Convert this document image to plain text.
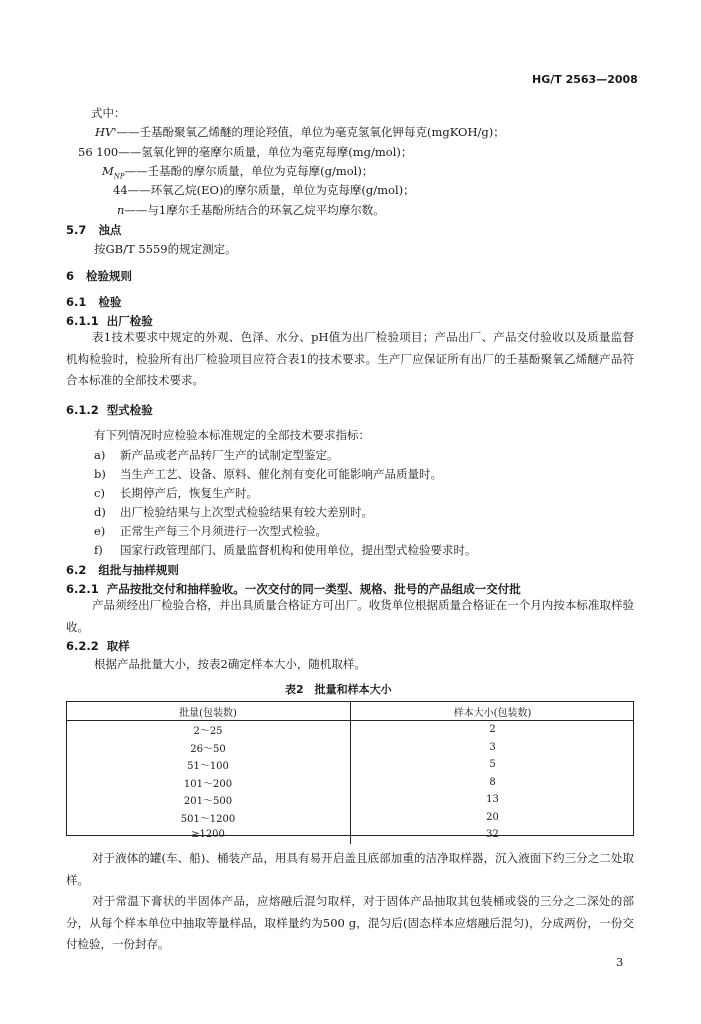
HG/T 2563—2008
式中：
HV'——壬基酚聚氧乙烯醚的理论羟值，单位为毫克氢氧化钾每克(mgKOH/g)；
56 100——氢氧化钾的毫摩尔质量，单位为毫克每摩(mg/mol)；
$M_{NP}——$壬基酚的摩尔质量，单位为克每摩(g/mol)；
44——环氧乙烷(EO)的摩尔质量，单位为克每摩(g/mol)；
n——与1摩尔壬基酚所结合的环氧乙烷平均摩尔数。
5.7 浊点
按GB/T 5559的规定测定。
6 检验规则
6.1 检验
6.1.1 出厂检验
表1技术要求中规定的外观、色泽、水分、pH值为出厂检验项目；产品出厂、产品交付验收以及质量监督机构检验时，检验所有出厂检验项目应符合表1的技术要求。生产厂应保证所有出厂的壬基酚聚氧乙烯醚产品符合本标准的全部技术要求。
6.1.2 型式检验
有下列情况时应检验本标准规定的全部技术要求指标：
a) 新产品或老产品转厂生产的试制定型鉴定。
b) 当生产工艺、设备、原料、催化剂有变化可能影响产品质量时。
c) 长期停产后，恢复生产时。
d) 出厂检验结果与上次型式检验结果有较大差别时。
e) 正常生产每三个月须进行一次型式检验。
f) 国家行政管理部门、质量监督机构和使用单位，提出型式检验要求时。
6.2 组批与抽样规则
6.2.1 产品按批交付和抽样验收。一次交付的同一类型、规格、批号的产品组成一交付批
产品须经出厂检验合格，并出具质量合格证方可出厂。收货单位根据质量合格证在一个月内按本标准取样验收。
6.2.2 取样
根据产品批量大小，按表2确定样本大小，随机取样。
表2　批量和样本大小
批量(包装数)	样本大小(包装数)
2～25	2
26～50	3
51～100	5
101～200	8
201～500	13
501～1200	20
≥1200	32
对于液体的罐(车、船)、桶装产品，用具有易开启盖且底部加重的洁净取样器，沉入液面下约三分之二处取样。
对于常温下膏状的半固体产品，应熔融后混匀取样，对于固体产品抽取其包装桶或袋的三分之二深处的部分，从每个样本单位中抽取等量样品，取样量约为500 g，混匀后(固态样本应熔融后混匀)，分成两份，一份交付检验，一份封存。
3
